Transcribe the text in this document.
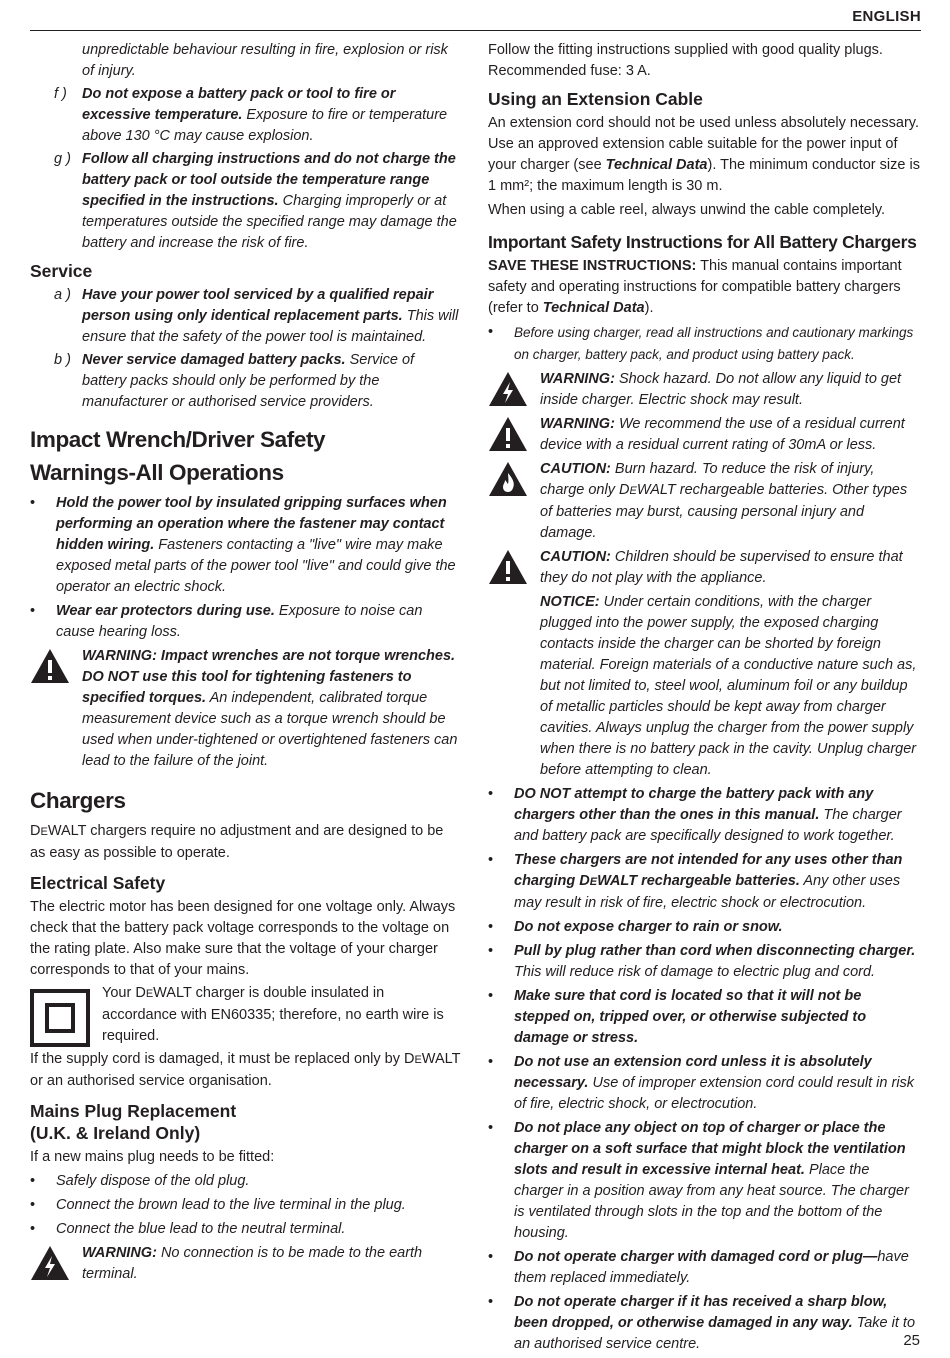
ENGLISH

unpredictable behaviour resulting in fire, explosion or risk of injury.

f ) Do not expose a battery pack or tool to fire or excessive temperature. Exposure to fire or temperature above 130 °C may cause explosion.
g ) Follow all charging instructions and do not charge the battery pack or tool outside the temperature range specified in the instructions. Charging improperly or at temperatures outside the specified range may damage the battery and increase the risk of fire.
Service
a ) Have your power tool serviced by a qualified repair person using only identical replacement parts. This will ensure that the safety of the power tool is maintained.
b ) Never service damaged battery packs. Service of battery packs should only be performed by the manufacturer or authorised service providers.
Impact Wrench/Driver Safety
Warnings-All Operations
• Hold the power tool by insulated gripping surfaces when performing an operation where the fastener may contact hidden wiring. Fasteners contacting a "live" wire may make exposed metal parts of the power tool "live" and could give the operator an electric shock.
• Wear ear protectors during use. Exposure to noise can cause hearing loss.
WARNING: Impact wrenches are not torque wrenches. DO NOT use this tool for tightening fasteners to specified torques. An independent, calibrated torque measurement device such as a torque wrench should be used when under-tightened or overtightened fasteners can lead to the failure of the joint.
Chargers

DEWALT chargers require no adjustment and are designed to be as easy as possible to operate.

Electrical Safety

The electric motor has been designed for one voltage only. Always check that the battery pack voltage corresponds to the voltage on the rating plate. Also make sure that the voltage of your charger corresponds to that of your mains.

Your DEWALT charger is double insulated in accordance with EN60335; therefore, no earth wire is required.

If the supply cord is damaged, it must be replaced only by DEWALT or an authorised service organisation.

Mains Plug Replacement
(U.K. & Ireland Only)

If a new mains plug needs to be fitted:

• Safely dispose of the old plug.
• Connect the brown lead to the live terminal in the plug.
• Connect the blue lead to the neutral terminal.
WARNING: No connection is to be made to the earth terminal.

Follow the fitting instructions supplied with good quality plugs. Recommended fuse: 3 A.

Using an Extension Cable

An extension cord should not be used unless absolutely necessary. Use an approved extension cable suitable for the power input of your charger (see Technical Data). The minimum conductor size is 1 mm²; the maximum length is 30 m.

When using a cable reel, always unwind the cable completely.

Important Safety Instructions for All Battery Chargers

SAVE THESE INSTRUCTIONS: This manual contains important safety and operating instructions for compatible battery chargers (refer to Technical Data).

• Before using charger, read all instructions and cautionary markings on charger, battery pack, and product using battery pack.
WARNING: Shock hazard. Do not allow any liquid to get inside charger. Electric shock may result.
WARNING: We recommend the use of a residual current device with a residual current rating of 30mA or less.
CAUTION: Burn hazard. To reduce the risk of injury, charge only DEWALT rechargeable batteries. Other types of batteries may burst, causing personal injury and damage.
CAUTION: Children should be supervised to ensure that they do not play with the appliance.
NOTICE: Under certain conditions, with the charger plugged into the power supply, the exposed charging contacts inside the charger can be shorted by foreign material. Foreign materials of a conductive nature such as, but not limited to, steel wool, aluminum foil or any buildup of metallic particles should be kept away from charger cavities. Always unplug the charger from the power supply when there is no battery pack in the cavity. Unplug charger before attempting to clean.
• DO NOT attempt to charge the battery pack with any chargers other than the ones in this manual. The charger and battery pack are specifically designed to work together.
• These chargers are not intended for any uses other than charging DEWALT rechargeable batteries. Any other uses may result in risk of fire, electric shock or electrocution.
• Do not expose charger to rain or snow.
• Pull by plug rather than cord when disconnecting charger. This will reduce risk of damage to electric plug and cord.
• Make sure that cord is located so that it will not be stepped on, tripped over, or otherwise subjected to damage or stress.
• Do not use an extension cord unless it is absolutely necessary. Use of improper extension cord could result in risk of fire, electric shock, or electrocution.
• Do not place any object on top of charger or place the charger on a soft surface that might block the ventilation slots and result in excessive internal heat. Place the charger in a position away from any heat source. The charger is ventilated through slots in the top and the bottom of the housing.
• Do not operate charger with damaged cord or plug—have them replaced immediately.
• Do not operate charger if it has received a sharp blow, been dropped, or otherwise damaged in any way. Take it to an authorised service centre.	25
